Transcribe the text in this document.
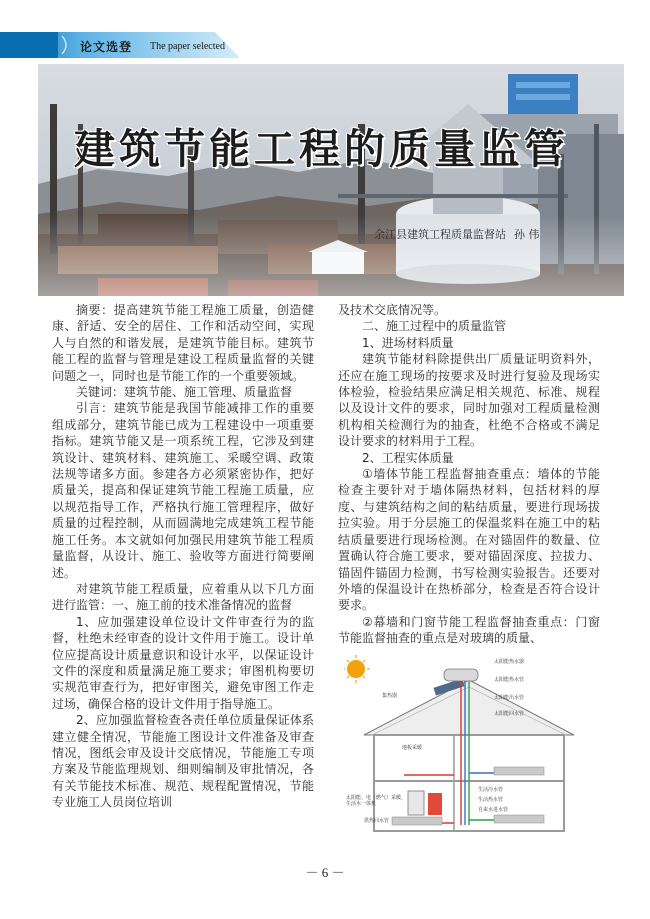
论文选登 The paper selected
建筑节能工程的质量监管
余江县建筑工程质量监督站 孙 伟

摘要：提高建筑节能工程施工质量，创造健康、舒适、安全的居住、工作和活动空间，实现人与自然的和谐发展，是建筑节能目标。建筑节能工程的监督与管理是建设工程质量监督的关键问题之一，同时也是节能工作的一个重要领域。

关键词：建筑节能、施工管理、质量监督

引言：建筑节能是我国节能减排工作的重要组成部分，建筑节能已成为工程建设中一项重要指标。建筑节能又是一项系统工程，它涉及到建筑设计、建筑材料、建筑施工、采暖空调、政策法规等诸多方面。参建各方必须紧密协作，把好质量关，提高和保证建筑节能工程施工质量，应以规范指导工作，严格执行施工管理程序，做好质量的过程控制，从而圆满地完成建筑工程节能施工任务。本文就如何加强民用建筑节能工程质量监督，从设计、施工、验收等方面进行简要阐述。

对建筑节能工程质量，应着重从以下几方面进行监管：一、施工前的技术准备情况的监督

1、应加强建设单位设计文件审查行为的监督，杜绝未经审查的设计文件用于施工。设计单位应提高设计质量意识和设计水平，以保证设计文件的深度和质量满足施工要求；审图机构要切实规范审查行为，把好审图关，避免审图工作走过场，确保合格的设计文件用于指导施工。

2、应加强监督检查各责任单位质量保证体系建立健全情况，节能施工图设计文件准备及审查情况，图纸会审及设计交底情况，节能施工专项方案及节能监理规划、细则编制及审批情况，各有关节能技术标准、规范、规程配置情况，节能专业施工人员岗位培训

及技术交底情况等。

二、施工过程中的质量监管

1、进场材料质量

建筑节能材料除提供出厂质量证明资料外，还应在施工现场的按要求及时进行复验及现场实体检验，检验结果应满足相关规范、标准、规程以及设计文件的要求，同时加强对工程质量检测机构相关检测行为的抽查，杜绝不合格或不满足设计要求的材料用于工程。

2、工程实体质量

①墙体节能工程监督抽查重点：墙体的节能检查主要针对于墙体隔热材料，包括材料的厚度、与建筑结构之间的粘结质量，要进行现场拔拉实验。用于分层施工的保温浆料在施工中的粘结质量要进行现场检测。在对锚固件的数量、位置确认符合施工要求，要对锚固深度、拉拔力、锚固件锚固力检测，书写检测实验报告。还要对外墙的保温设计在热桥部分，检查是否符合设计要求。

②幕墙和门窗节能工程监督抽查重点：门窗节能监督抽查的重点是对玻璃的质量、

太阳能热水器
集热器
太阳能热水管
太阳能出水管
太阳能回水管
地板采暖
太阳能、电（燃气）采暖、生活水一体机
生活冷水管
生活热水管
供热回水管
自来水进水管
－ 6 －
